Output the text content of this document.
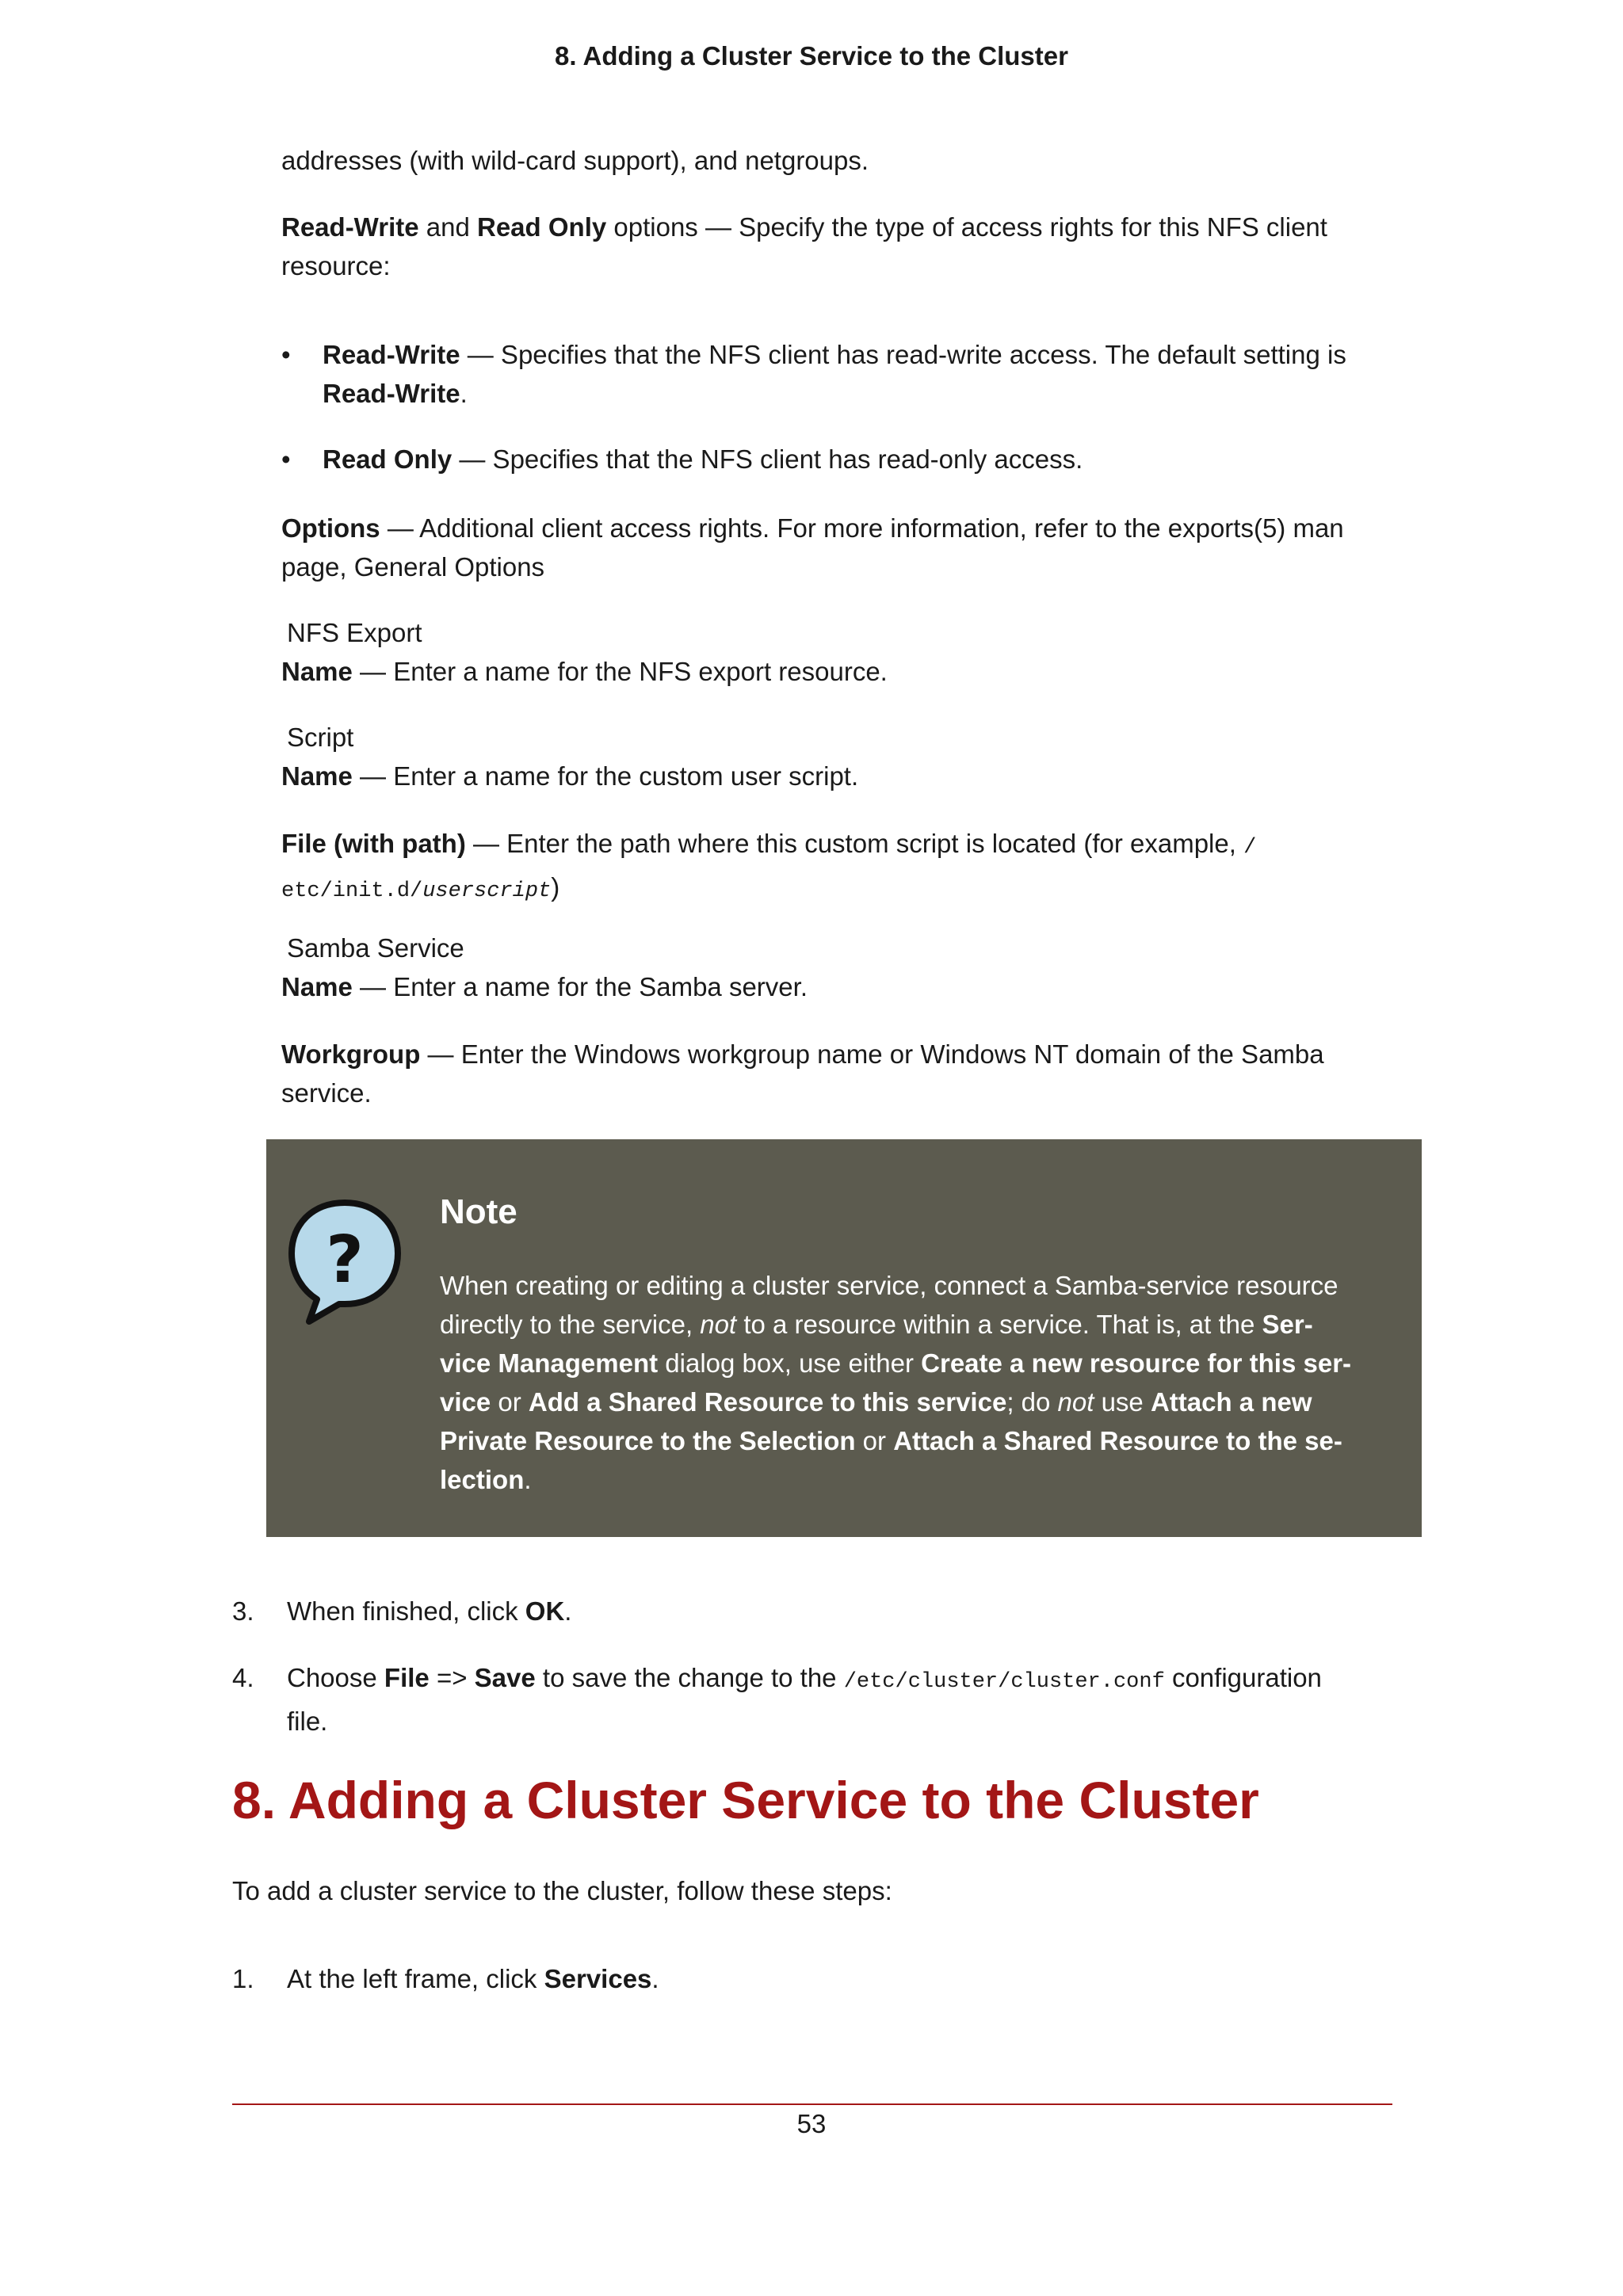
8. Adding a Cluster Service to the Cluster
addresses (with wild-card support), and netgroups.
Read-Write and Read Only options — Specify the type of access rights for this NFS client
resource:
• Read-Write — Specifies that the NFS client has read-write access. The default setting is
Read-Write.
• Read Only — Specifies that the NFS client has read-only access.
Options — Additional client access rights. For more information, refer to the exports(5) man
page, General Options
NFS Export
Name — Enter a name for the NFS export resource.
Script
Name — Enter a name for the custom user script.
File (with path) — Enter the path where this custom script is located (for example, /
etc/init.d/userscript)
Samba Service
Name — Enter a name for the Samba server.
Workgroup — Enter the Windows workgroup name or Windows NT domain of the Samba
service.
?
Note
When creating or editing a cluster service, connect a Samba-service resource
directly to the service, not to a resource within a service. That is, at the Ser-
vice Management dialog box, use either Create a new resource for this ser-
vice or Add a Shared Resource to this service; do not use Attach a new
Private Resource to the Selection or Attach a Shared Resource to the se-
lection.
3. When finished, click OK.
4. Choose File => Save to save the change to the /etc/cluster/cluster.conf configuration
file.
8. Adding a Cluster Service to the Cluster
To add a cluster service to the cluster, follow these steps:
1. At the left frame, click Services.
53
